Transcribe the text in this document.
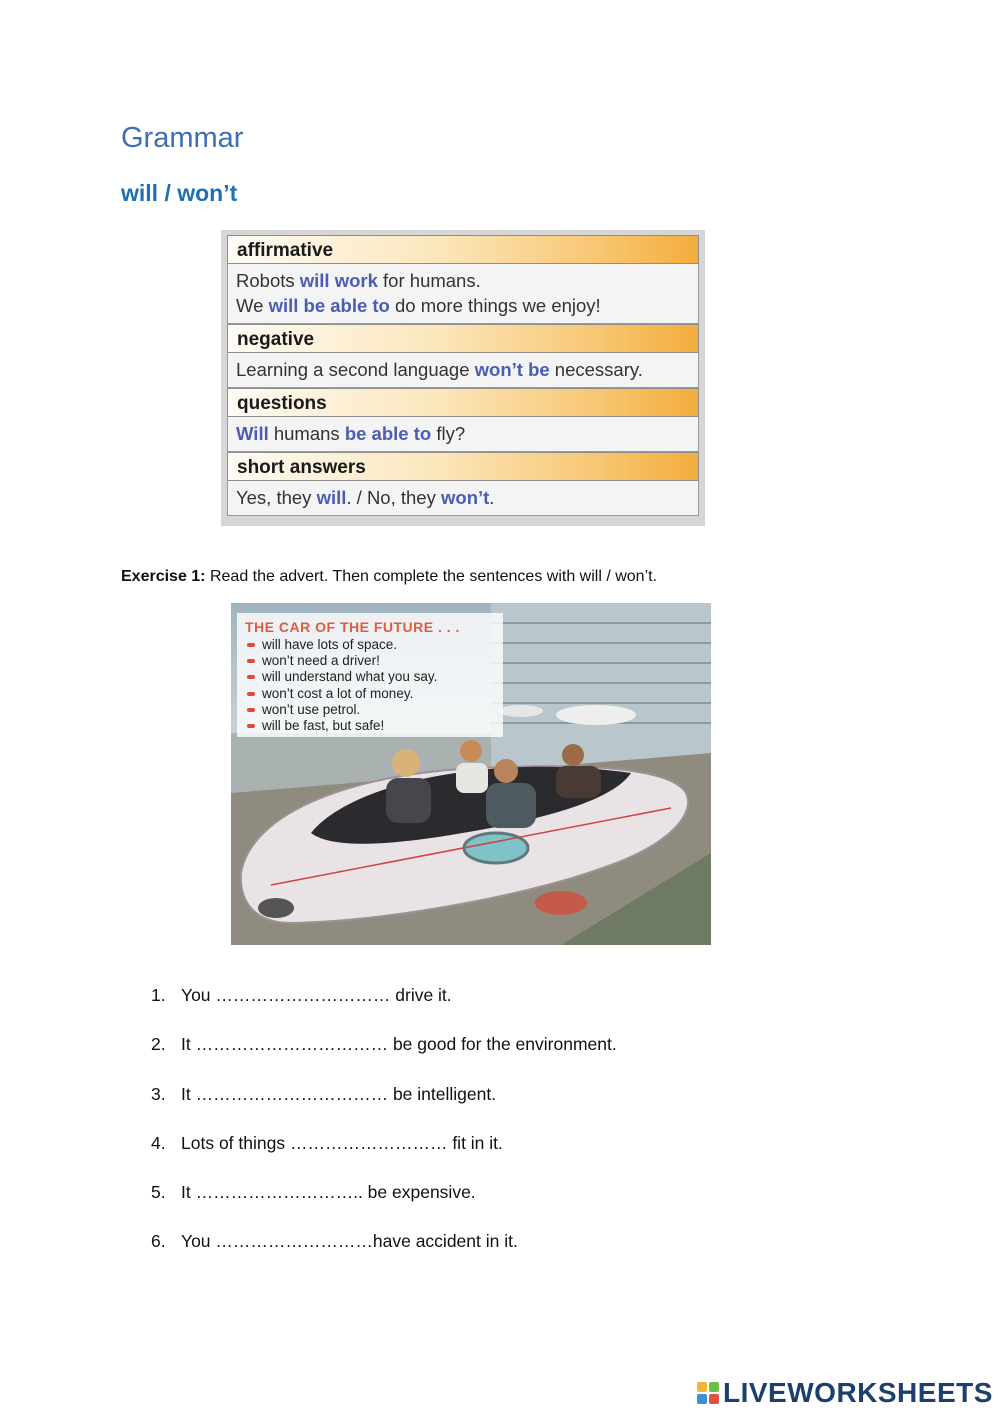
Grammar
will / won’t
affirmative
Robots will work for humans.
We will be able to do more things we enjoy!
negative
Learning a second language won’t be necessary.
questions
Will humans be able to fly?
short answers
Yes, they will. / No, they won’t.

Exercise 1: Read the advert. Then complete the sentences with will / won’t.

THE CAR OF THE FUTURE . . .
will have lots of space.
won’t need a driver!
will understand what you say.
won’t cost a lot of money.
won’t use petrol.
will be fast, but safe!
1. You ………………………… drive it.
2. It …………………………… be good for the environment.
3. It …………………………… be intelligent.
4. Lots of things ……………………… fit in it.
5. It ……………………….. be expensive.
6. You ………………………have accident in it.
LIVEWORKSHEETS
